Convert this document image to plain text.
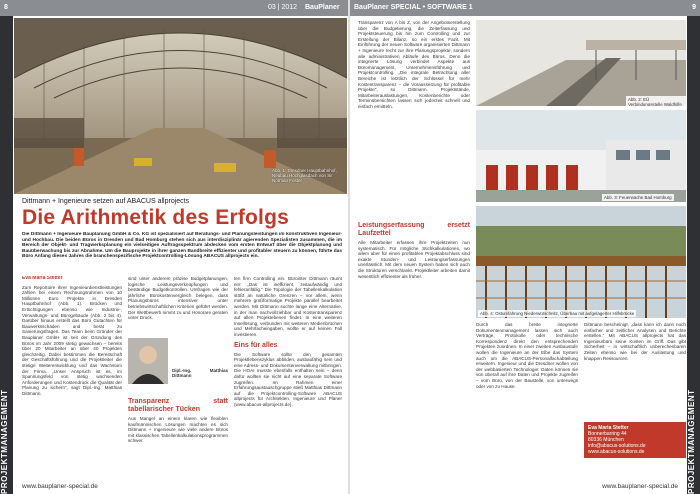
8	03 | 2012 BauPlaner
PROJEKTMANAGEMENT
Abb. 1: Dresdner Hauptbahnhof, Neubau Hochglasdach von Sir Norman Foster
Dittmann + Ingenieure setzen auf ABACUS allprojects
Die Arithmetik des Erfolgs
Die Dittmann + Ingenieure Bauplanung GmbH & Co. KG ist spezialisiert auf Beratungs- und Planungsleistungen im konstruktiven Ingenieur- und Hochbau. Die beiden Büros in Dresden und Bad Homburg stehen sich aus interdisziplinär agierenden Spezialisten zusammen, die im Bereich der Objekt- und Tragwerksplanung ein vielseitiges Auftragsspektrum abdecken vom ersten Entwurf über die Objektplanung und Bauüberwachung bis zur Abnahme. Um die Bauprojekte in ihrer ganzen Bandbreite effizienter und profitabler steuern zu können, führte das Büro Anfang dieses Jahres die branchenspezifische Projektcontrolling-Lösung ABACUS allprojects ein.
Eva Maria Stetter
Zum Reportoire ihrer Ingenieurdienstleistungen zählen bei einem Rechnungsrahmen von 10 Millionen Euro Projekte in Dresden Hauptbahnhof (Abb. 1). Brücken und Ertüchtigungen ebenso wie Industrie-, Verwaltungs- und Bürogebäude (Abb. 2 bis 4). Darüber hinaus erstellt das Büro Gutachten für Bauwerksschäden und berät zu Sanierungsfragen. Das Team beim Gründer der Bauplaner GmbH ist seit der Gründung des Büros im Jahr 2009 stetig gewachsen – bereits über 20 Mitarbeiter an über 40 Projekten gleichzeitig. Dabei bestimmen die Bereitschaft der Geschäftsführung und die Projektleiter die stetige Weiterentwicklung und das Wachstum der Firma. „Unser Anspruch ist es, im Spannungsfeld von stetig wachsenden Anforderungen und Kostendruck die Qualität der Planung zu sichern“, sagt Dipl.-Ing. Matthias Dittmann.
sind unter anderem präzise Budgetplanungen, logische Leistungsverknüpfungen und beständige Budgetkontrollen. Umfragen wie der jährliche Bürokostenvergleich belegen, dass Planungsbüros intensiver unter betriebswirtschaftlichen Kriterien geführt werden. Der Wettbewerb nimmt zu und Honorare geraten unter Druck.
Dipl.-Ing. Matthias Dittmann
Transparenz statt tabellarischer Tücken
Aus Mangel an einem klaren wie flexiblen kaufmännischen Lösungen machten es sich Dittmann + Ingenieure wie viele andere Büros mit klassischen Tabellenkalkulationsprogrammen schwer.
ten firm Controlling ein. Bürointer Dittmann räumt ein: „Das ist ineffizient, zeitaufwändig und fehleranfällig.“ Die Topologie der Tabellenkalkulation stößt an natürliche Grenzen – vor allem, wenn mehrere großformatige Projekte parallel bearbeitet werden. Mit Dittmann suchte lange eine Alternative, in der man nachvollziehbar und Kostentransparenz auf allen Projektebenen findet. In eine weiteren Insellösung, verbunden mit weiteren Medienbrüchen und Mehrfacheingaben, wollte er auf keinen Fall investieren.
Eins für alles
Die Software sollte den gesamten Projektlebenszyklus abbilden, ausbaufähig sein und eine Adress- und Dokumentenverwaltung mitbringen. Die HOAI musste ebenfalls enthalten sein – denn dafür wollten sie nicht auf eine separate Software zugreifen. Im Rahmen einer Erfahrungsaustauschgruppe stieß Matthias Dittmann auf die Projektcontrolling-Software ABACUS allprojects für Architekten, Ingenieure und Planer (www.abacus-allprojects.de).
www.bauplaner-special.de
BauPlaner SPECIAL • SOFTWARE 1	9
PROJEKTMANAGEMENT
Transparenz von A bis Z, von der Angebotserstellung über die Budgetierung, die Zeiterfassung und Projektsteuerung bis hin zum Controlling und zur Erstellung der Bilanz, so ein erstes Fazit. Mit Einführung der neuen Software organisierten Dittmann + Ingenieure recht zur ihre Planungsprojekte, sondern alle administrativen Abläufe des Büros. Denn die integrierte Lösung verbindet Aspekte aus Büromanagement, Unternehmensführung und Projektcontrolling. „Die integrale Betrachtung aller Bereiche ist letztlich der Schlüssel für mehr Kostentransparenz – die Voraussetzung für profitable Projekte“, so Dittmann. Projektstände, Mitarbeiterauslastungen, Kostenberichte oder Terminübersichten lassen sich jederzeit schnell und einfach ermitteln.
Leistungserfassung ersetzt Laufzettel
Alle Mitarbeiter erfassen ihre Projektzeiten nun systematisch. Für mögliche Stichkalkulationen, wo allem aber für einen profitablen Projektabschluss sind exakte Stunden- und Leistungserfassungen unerlässlich. Mit dem neuen System haben sich auch die Strukturen verschlankt. Projektleiter arbeiten damit wesentlich effizienter als früher.
Abb. 2: EÜ Verbindungsstelle Waldhilfe
Abb. 3: Feuerwache Bad Homburg
Abb. 4: Ostumfahrung Niederwürschnitz, Überbau mit aufgelagerter Hilfsbrücke
Durch das breite integrierte Dokumentenmanagement lassen sich auch Verträge, Protokolle oder technische Korrespondenz direkt den entsprechenden Projekten zuordnen. In einer zweiten Ausbaustufe wollen die Ingenieure an der Elbe das System auch um die ABACUS-Personalfachabteilung erweitern. Ingenieur und die Dresdner wollen von der webbasierten Technologie: Daten können sie von überall auf ihre Daten und Projekte zugreifen – vom Büro, von der Baustelle, von unterwegs oder von zu Hause.
Dittmann bescheinigt, „dass kann ich dann noch einfacher und zeitlicher Analysen und Berichte erstellen.“ Mit ABACUS allprojects hat das Ingenieurbüro seine Kosten im Griff. Das gibt Sicherheit – in wirtschaftlich unberechenbaren Zeiten ebenso wie bei der Auslastung und knappen Ressourcen.
Eva Maria Stetter
Bonnerbarring 44
80336 München
info@abacus-solutions.de
www.abacus-solutions.de
www.bauplaner-special.de
